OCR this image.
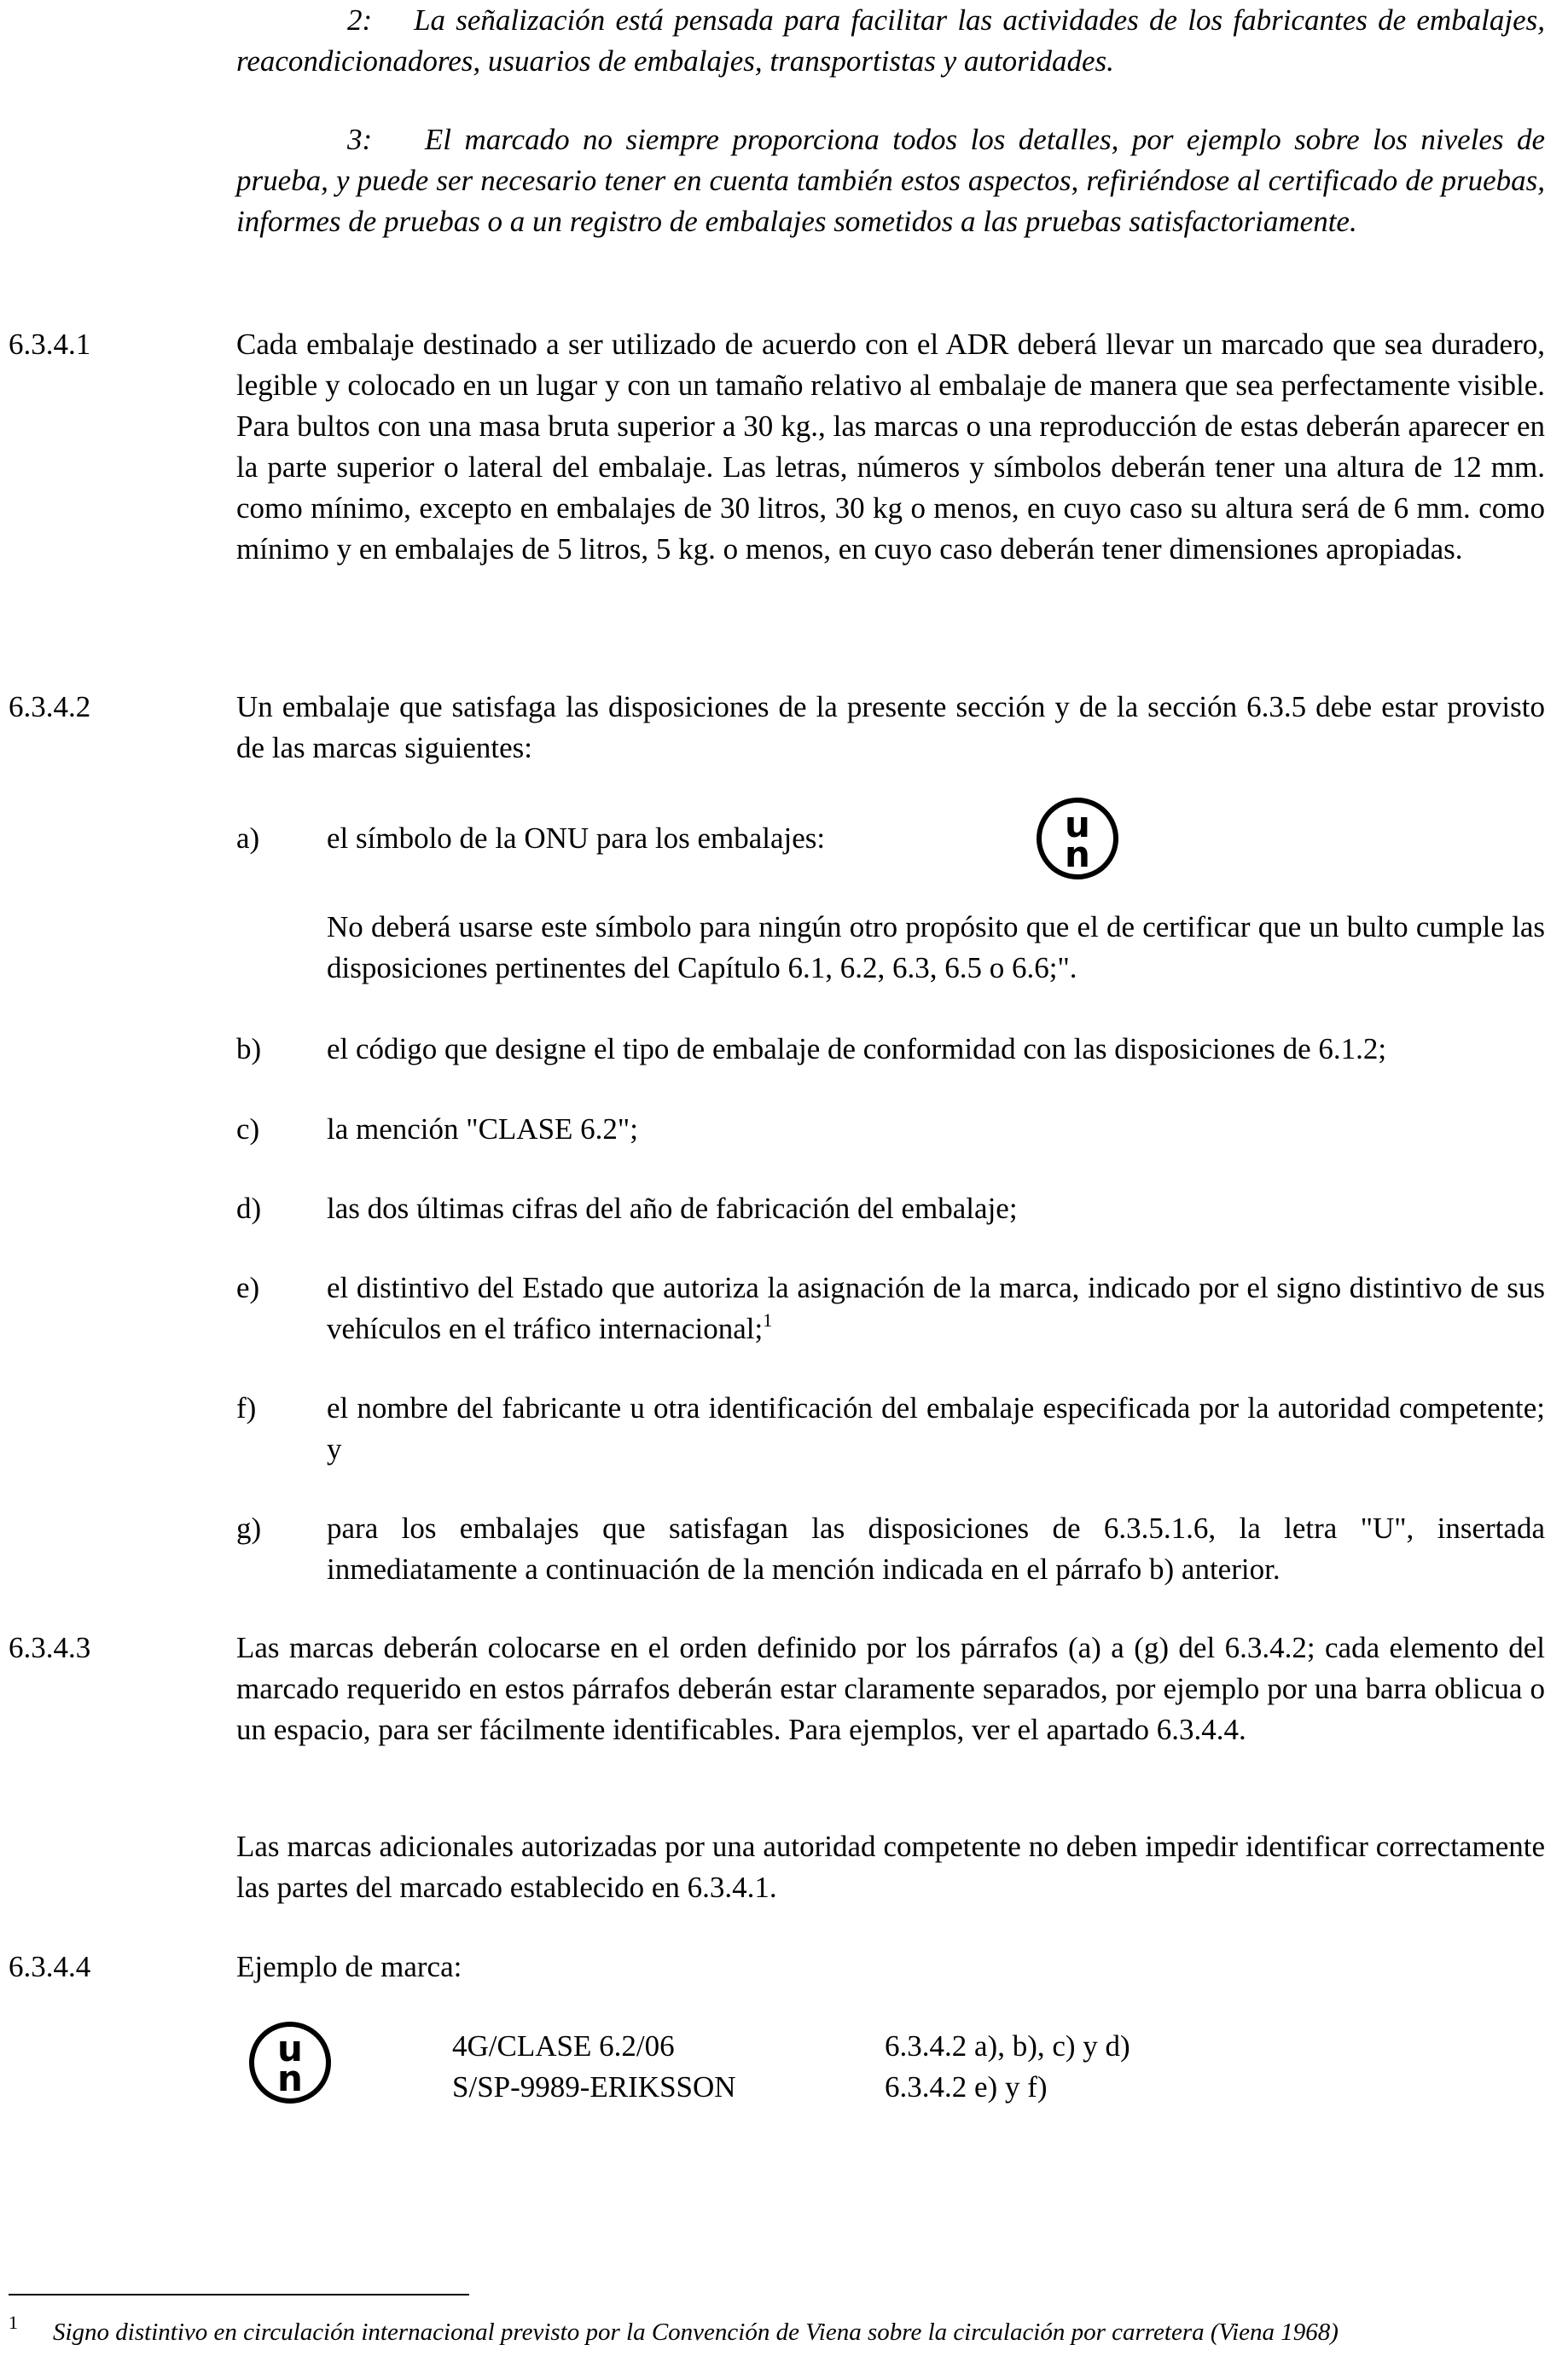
2: La señalización está pensada para facilitar las actividades de los fabricantes de embalajes, reacondicionadores, usuarios de embalajes, transportistas y autoridades.
3: El marcado no siempre proporciona todos los detalles, por ejemplo sobre los niveles de prueba, y puede ser necesario tener en cuenta también estos aspectos, refiriéndose al certificado de pruebas, informes de pruebas o a un registro de embalajes sometidos a las pruebas satisfactoriamente.
6.3.4.1	Cada embalaje destinado a ser utilizado de acuerdo con el ADR deberá llevar un marcado que sea duradero, legible y colocado en un lugar y con un tamaño relativo al embalaje de manera que sea perfectamente visible. Para bultos con una masa bruta superior a 30 kg., las marcas o una reproducción de estas deberán aparecer en la parte superior o lateral del embalaje. Las letras, números y símbolos deberán tener una altura de 12 mm. como mínimo, excepto en embalajes de 30 litros, 30 kg o menos, en cuyo caso su altura será de 6 mm. como mínimo y en embalajes de 5 litros, 5 kg. o menos, en cuyo caso deberán tener dimensiones apropiadas.
6.3.4.2	Un embalaje que satisfaga las disposiciones de la presente sección y de la sección 6.3.5 debe estar provisto de las marcas siguientes:
a) el símbolo de la ONU para los embalajes:	u
n
No deberá usarse este símbolo para ningún otro propósito que el de certificar que un bulto cumple las disposiciones pertinentes del Capítulo 6.1, 6.2, 6.3, 6.5 o 6.6;".
b) el código que designe el tipo de embalaje de conformidad con las disposiciones de 6.1.2;
c) la mención "CLASE 6.2";
d) las dos últimas cifras del año de fabricación del embalaje;
e) el distintivo del Estado que autoriza la asignación de la marca, indicado por el signo distintivo de sus vehículos en el tráfico internacional;$^1$
f) el nombre del fabricante u otra identificación del embalaje especificada por la autoridad competente; y
g) para los embalajes que satisfagan las disposiciones de 6.3.5.1.6, la letra "U", insertada inmediatamente a continuación de la mención indicada en el párrafo b) anterior.
6.3.4.3	Las marcas deberán colocarse en el orden definido por los párrafos (a) a (g) del 6.3.4.2; cada elemento del marcado requerido en estos párrafos deberán estar claramente separados, por ejemplo por una barra oblicua o un espacio, para ser fácilmente identificables. Para ejemplos, ver el apartado 6.3.4.4.
Las marcas adicionales autorizadas por una autoridad competente no deben impedir identificar correctamente las partes del marcado establecido en 6.3.4.1.
6.3.4.4	Ejemplo de marca:
u
n
4G/CLASE 6.2/06	6.3.4.2 a), b), c) y d)
S/SP-9989-ERIKSSON	6.3.4.2 e) y f)
1 Signo distintivo en circulación internacional previsto por la Convención de Viena sobre la circulación por carretera (Viena 1968)
